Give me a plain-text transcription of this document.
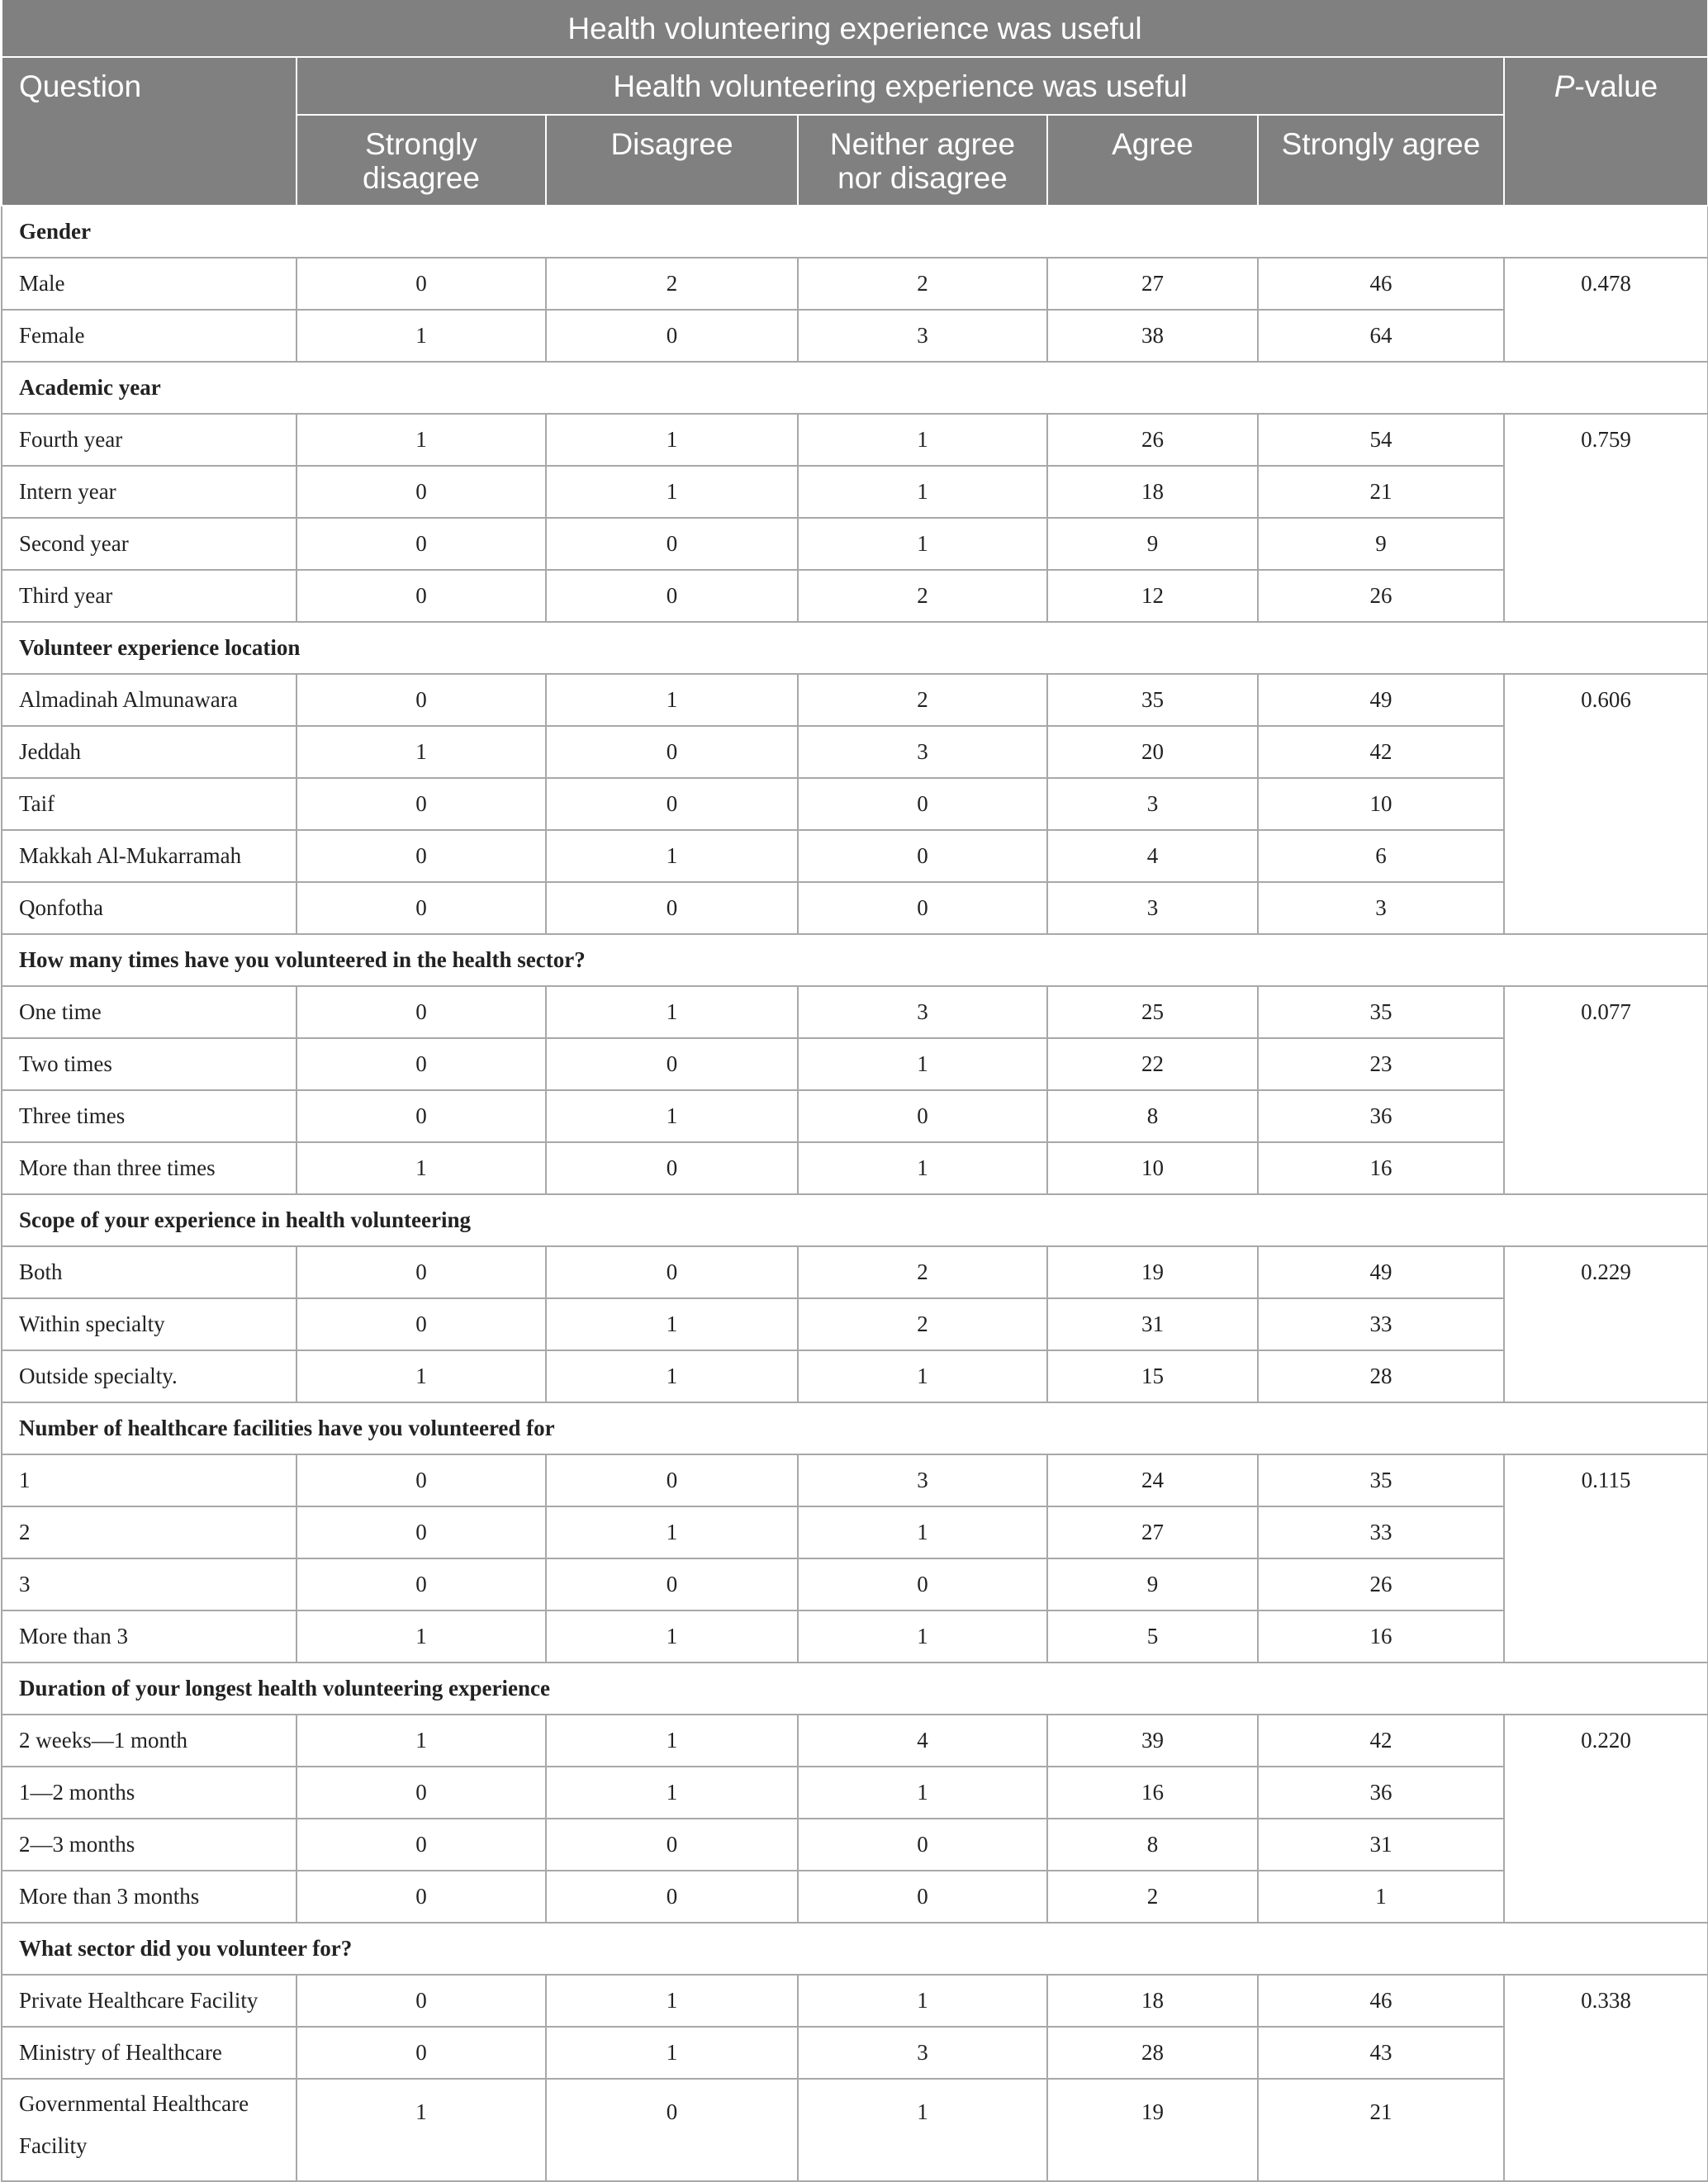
Health volunteering experience was useful						
Question	Health volunteering experience was useful					P-value
	Strongly disagree	Disagree	Neither agree nor disagree	Agree	Strongly agree	
Gender						
Male	0	2	2	27	46	0.478
Female	1	0	3	38	64	
Academic year						
Fourth year	1	1	1	26	54	0.759
Intern year	0	1	1	18	21	
Second year	0	0	1	9	9	
Third year	0	0	2	12	26	
Volunteer experience location						
Almadinah Almunawara	0	1	2	35	49	0.606
Jeddah	1	0	3	20	42	
Taif	0	0	0	3	10	
Makkah Al-Mukarramah	0	1	0	4	6	
Qonfotha	0	0	0	3	3	
How many times have you volunteered in the health sector?						
One time	0	1	3	25	35	0.077
Two times	0	0	1	22	23	
Three times	0	1	0	8	36	
More than three times	1	0	1	10	16	
Scope of your experience in health volunteering						
Both	0	0	2	19	49	0.229
Within specialty	0	1	2	31	33	
Outside specialty.	1	1	1	15	28	
Number of healthcare facilities have you volunteered for						
1	0	0	3	24	35	0.115
2	0	1	1	27	33	
3	0	0	0	9	26	
More than 3	1	1	1	5	16	
Duration of your longest health volunteering experience						
2 weeks—1 month	1	1	4	39	42	0.220
1—2 months	0	1	1	16	36	
2—3 months	0	0	0	8	31	
More than 3 months	0	0	0	2	1	
What sector did you volunteer for?						
Private Healthcare Facility	0	1	1	18	46	0.338
Ministry of Healthcare	0	1	3	28	43	
Governmental Healthcare Facility	1	0	1	19	21	
